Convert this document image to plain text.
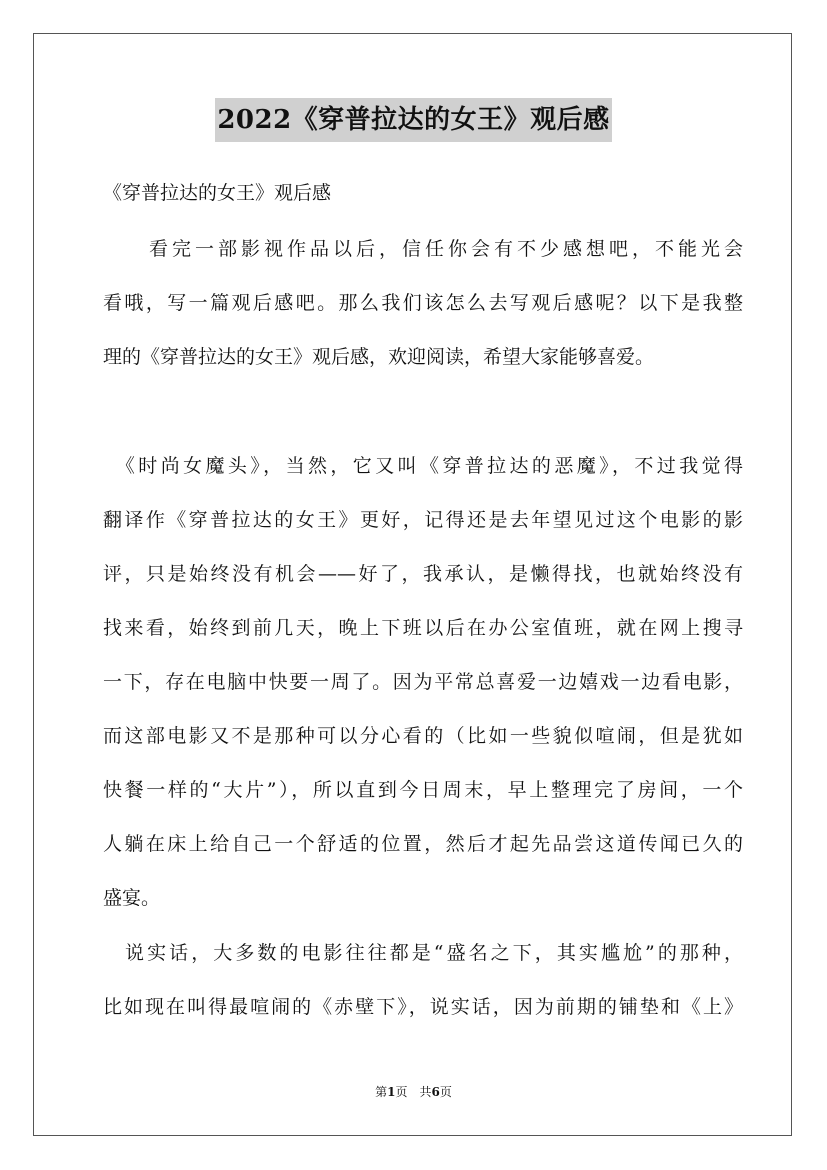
2022《穿普拉达的女王》观后感
《穿普拉达的女王》观后感
　　看完一部影视作品以后，信任你会有不少感想吧，不能光会
看哦，写一篇观后感吧。那么我们该怎么去写观后感呢？以下是我整
理的《穿普拉达的女王》观后感，欢迎阅读，希望大家能够喜爱。
　《时尚女魔头》，当然，它又叫《穿普拉达的恶魔》，不过我觉得
翻译作《穿普拉达的女王》更好，记得还是去年望见过这个电影的影
评，只是始终没有机会——好了，我承认，是懒得找，也就始终没有
找来看，始终到前几天，晚上下班以后在办公室值班，就在网上搜寻
一下，存在电脑中快要一周了。因为平常总喜爱一边嬉戏一边看电影，
而这部电影又不是那种可以分心看的（比如一些貌似喧闹，但是犹如
快餐一样的“大片”），所以直到今日周末，早上整理完了房间，一个
人躺在床上给自己一个舒适的位置，然后才起先品尝这道传闻已久的
盛宴。
　说实话，大多数的电影往往都是“盛名之下，其实尴尬”的那种，
比如现在叫得最喧闹的《赤壁下》，说实话，因为前期的铺垫和《上》
第1页　共6页
